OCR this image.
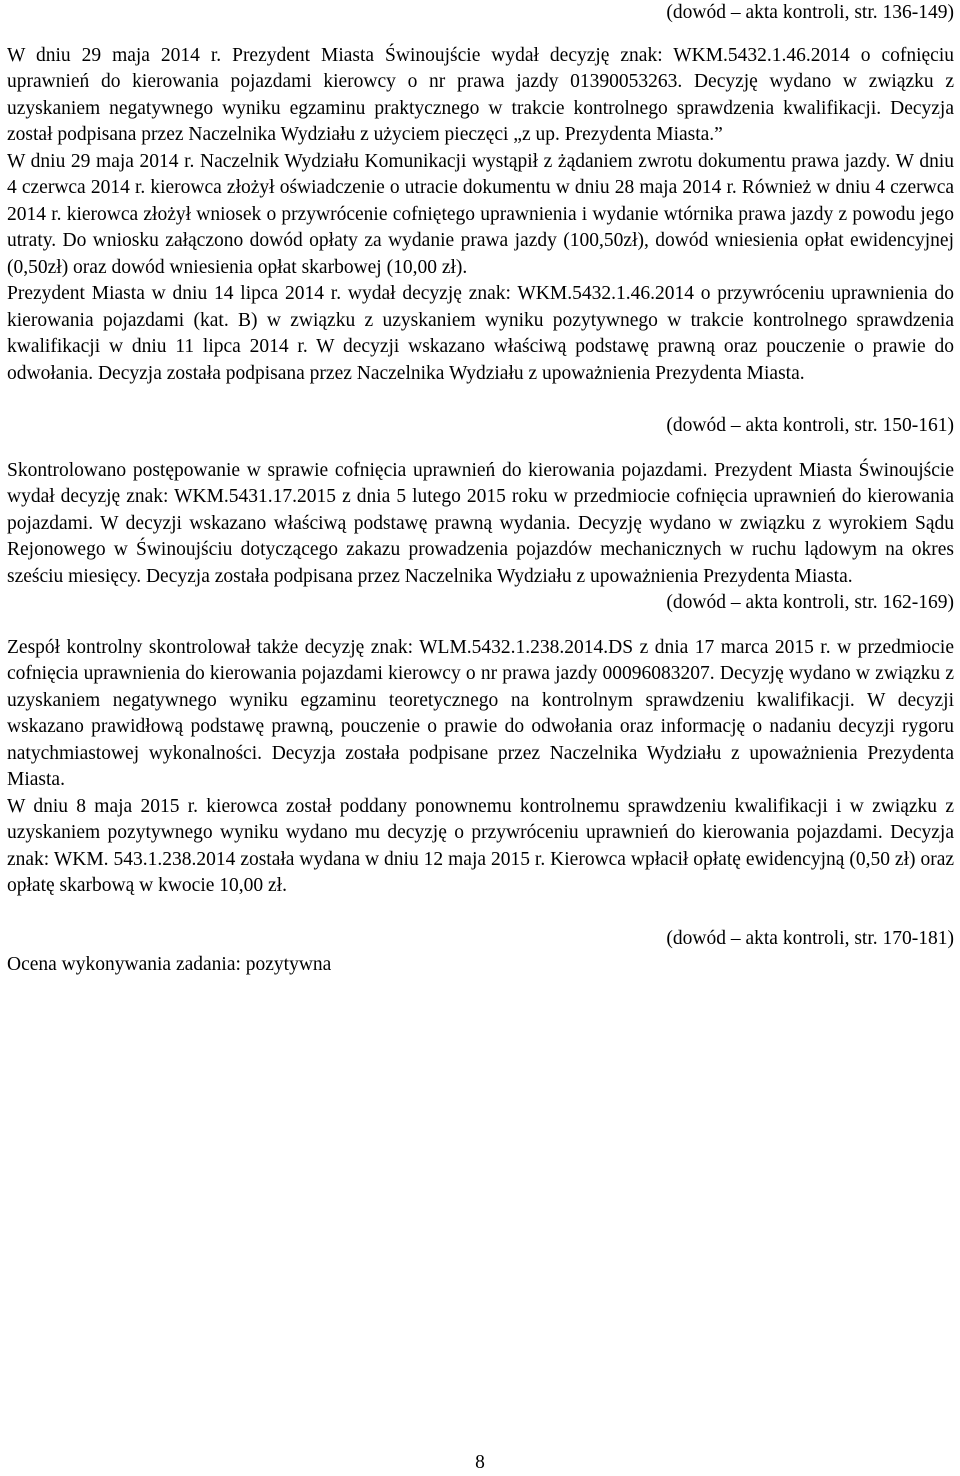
(dowód – akta kontroli, str. 136-149)

W dniu 29 maja 2014 r. Prezydent Miasta Świnoujście wydał decyzję znak: WKM.5432.1.46.2014 o cofnięciu uprawnień do kierowania pojazdami kierowcy o nr prawa jazdy 01390053263. Decyzję wydano w związku z uzyskaniem negatywnego wyniku egzaminu praktycznego w trakcie kontrolnego sprawdzenia kwalifikacji. Decyzja został podpisana przez Naczelnika Wydziału z użyciem pieczęci „z up. Prezydenta Miasta.”

W dniu 29 maja 2014 r. Naczelnik Wydziału Komunikacji wystąpił z żądaniem zwrotu dokumentu prawa jazdy. W dniu 4 czerwca 2014 r. kierowca złożył oświadczenie o utracie dokumentu w dniu 28 maja 2014 r. Również w dniu 4 czerwca 2014 r. kierowca złożył wniosek o przywrócenie cofniętego uprawnienia i wydanie wtórnika prawa jazdy z powodu jego utraty. Do wniosku załączono dowód opłaty za wydanie prawa jazdy (100,50zł), dowód wniesienia opłat ewidencyjnej (0,50zł) oraz dowód wniesienia opłat skarbowej (10,00 zł).

Prezydent Miasta w dniu 14 lipca 2014 r. wydał decyzję znak: WKM.5432.1.46.2014 o przywróceniu uprawnienia do kierowania pojazdami (kat. B) w związku z uzyskaniem wyniku pozytywnego w trakcie kontrolnego sprawdzenia kwalifikacji w dniu 11 lipca 2014 r. W decyzji wskazano właściwą podstawę prawną oraz pouczenie o prawie do odwołania. Decyzja została podpisana przez Naczelnika Wydziału z upoważnienia Prezydenta Miasta.

(dowód – akta kontroli, str. 150-161)

Skontrolowano postępowanie w sprawie cofnięcia uprawnień do kierowania pojazdami. Prezydent Miasta Świnoujście wydał decyzję znak: WKM.5431.17.2015 z dnia 5 lutego 2015 roku w przedmiocie cofnięcia uprawnień do kierowania pojazdami. W decyzji wskazano właściwą podstawę prawną wydania. Decyzję wydano w związku z wyrokiem Sądu Rejonowego w Świnoujściu dotyczącego zakazu prowadzenia pojazdów mechanicznych w ruchu lądowym na okres sześciu miesięcy. Decyzja została podpisana przez Naczelnika Wydziału z upoważnienia Prezydenta Miasta.

(dowód – akta kontroli, str. 162-169)

Zespół kontrolny skontrolował także decyzję znak: WLM.5432.1.238.2014.DS z dnia 17 marca 2015 r. w przedmiocie cofnięcia uprawnienia do kierowania pojazdami kierowcy o nr prawa jazdy 00096083207. Decyzję wydano w związku z uzyskaniem negatywnego wyniku egzaminu teoretycznego na kontrolnym sprawdzeniu kwalifikacji. W decyzji wskazano prawidłową podstawę prawną, pouczenie o prawie do odwołania oraz informację o nadaniu decyzji rygoru natychmiastowej wykonalności. Decyzja została podpisane przez Naczelnika Wydziału z upoważnienia Prezydenta Miasta.

W dniu 8 maja 2015 r. kierowca został poddany ponownemu kontrolnemu sprawdzeniu kwalifikacji i w związku z uzyskaniem pozytywnego wyniku wydano mu decyzję o przywróceniu uprawnień do kierowania pojazdami. Decyzja znak: WKM. 543.1.238.2014 została wydana w dniu 12 maja 2015 r. Kierowca wpłacił opłatę ewidencyjną (0,50 zł) oraz opłatę skarbową w kwocie 10,00 zł.

(dowód – akta kontroli, str. 170-181)

Ocena wykonywania zadania: pozytywna

8
